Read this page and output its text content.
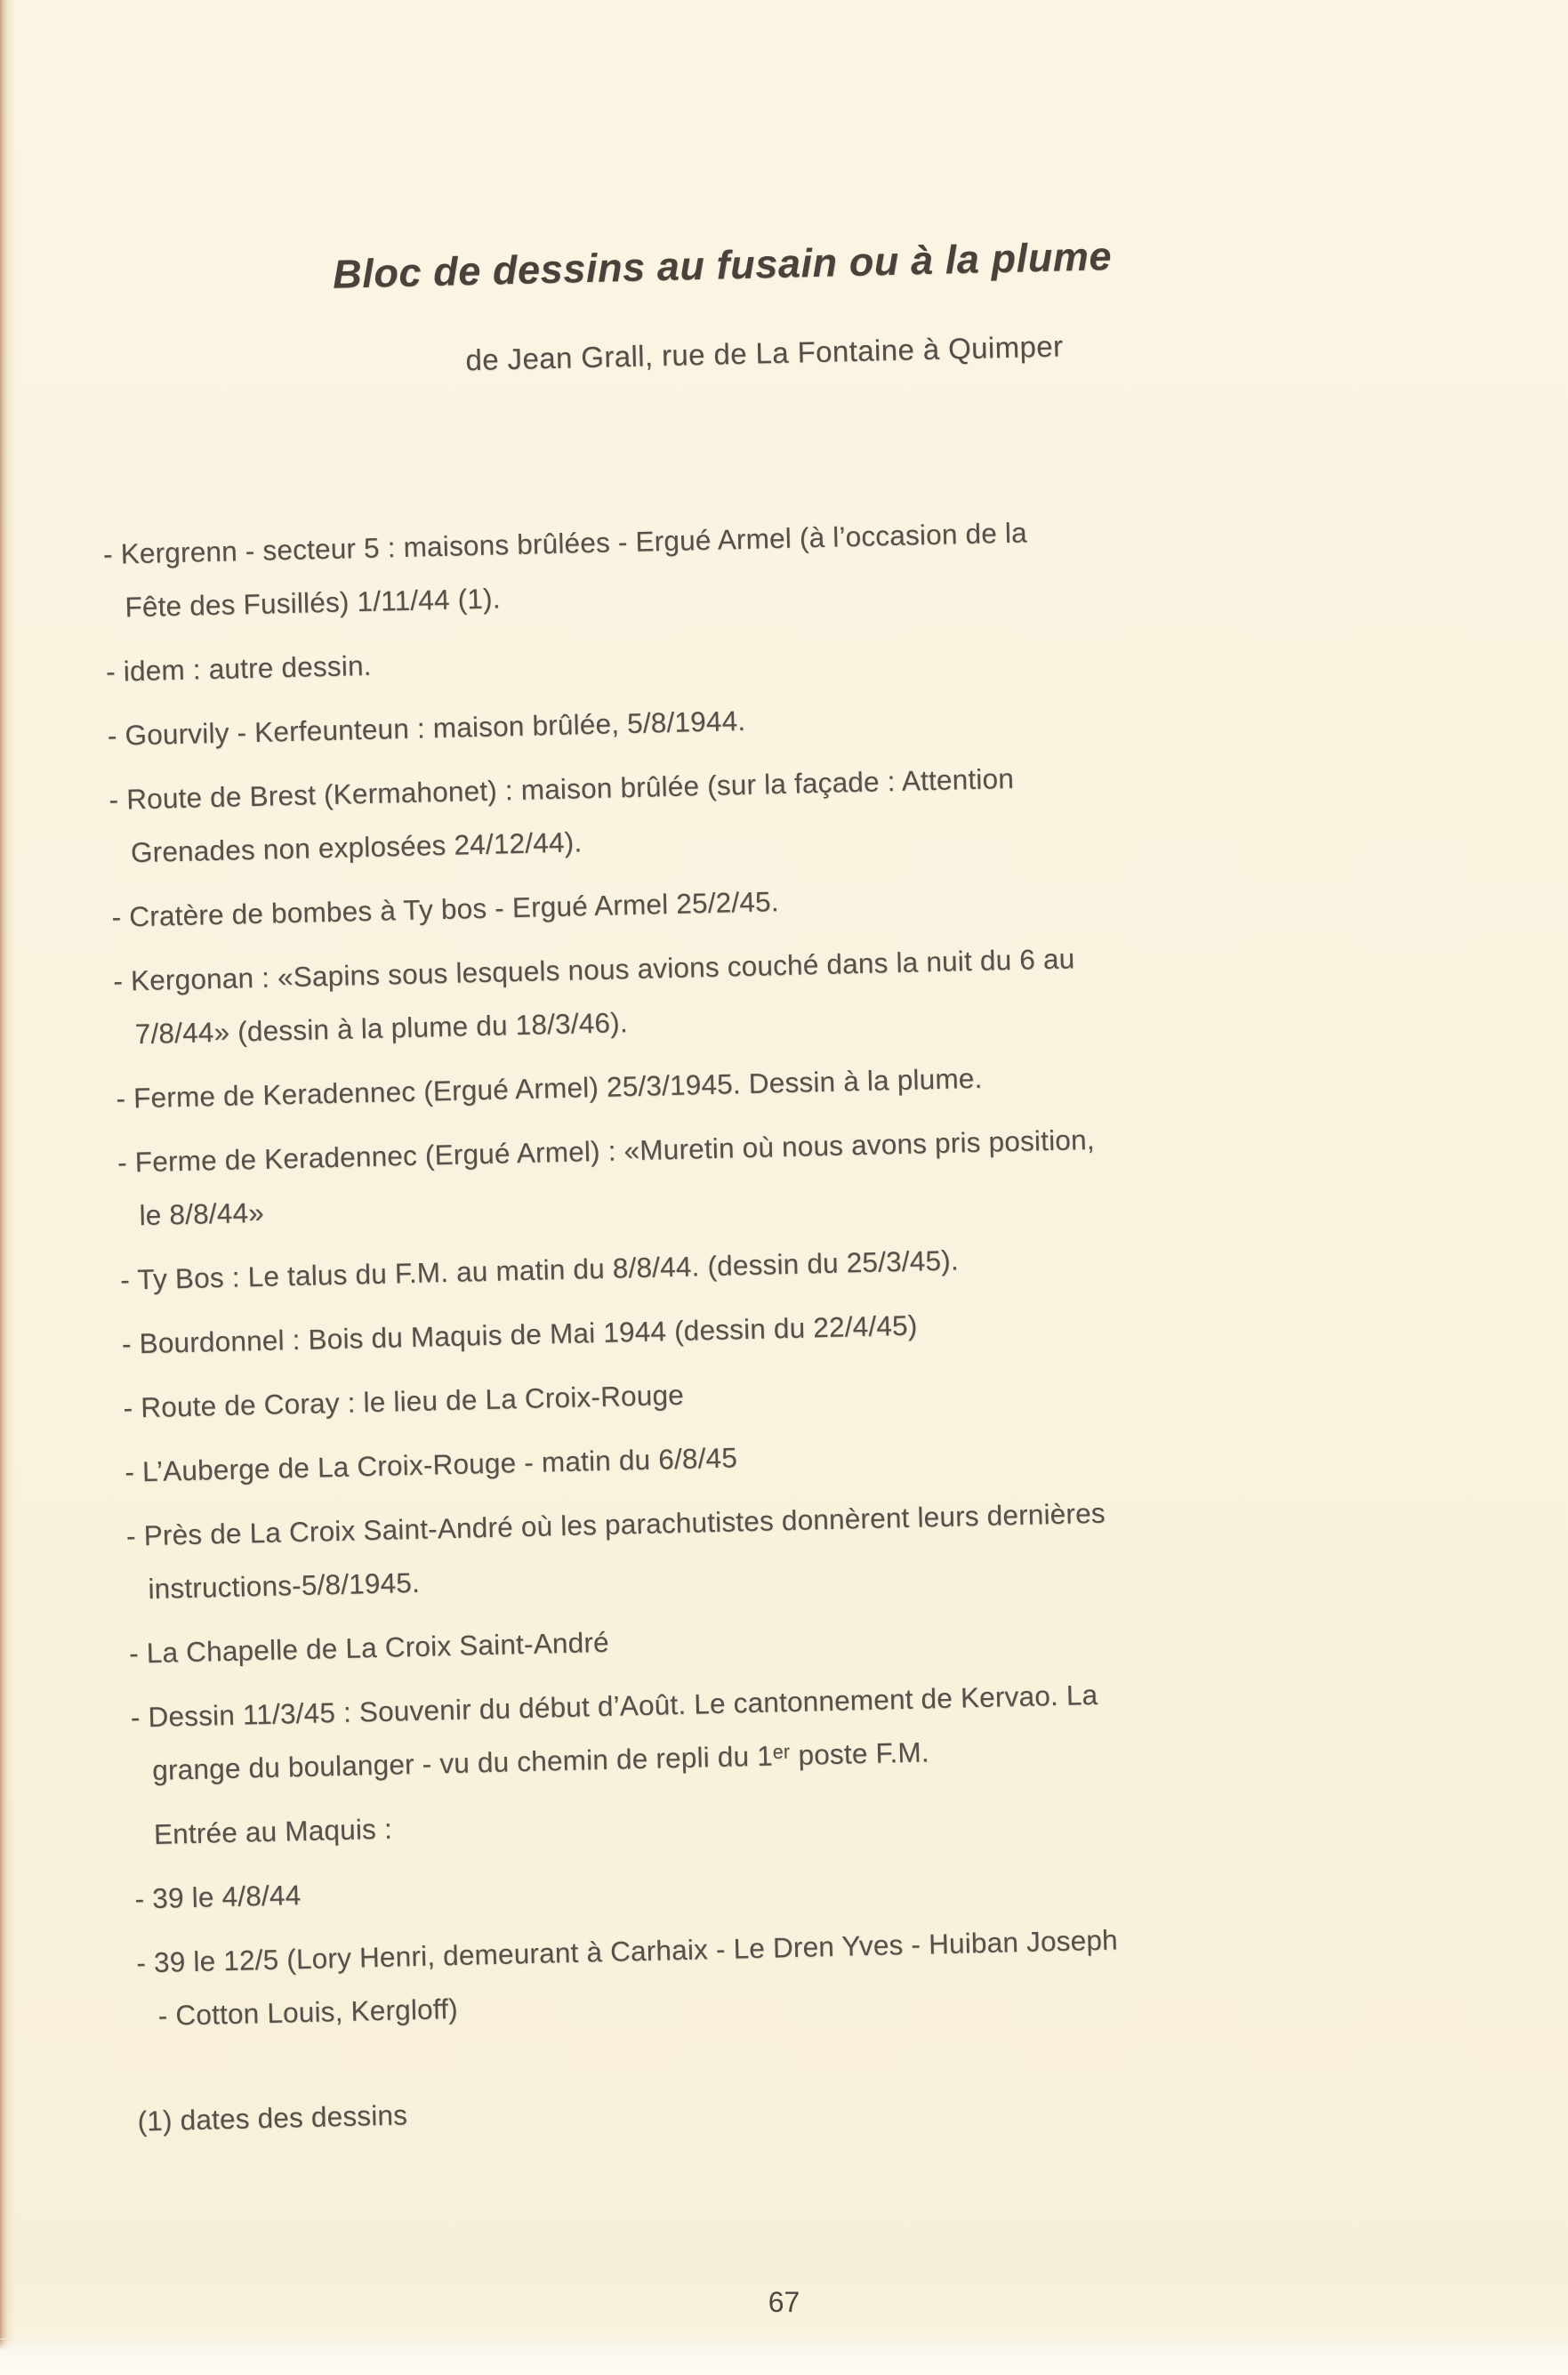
Bloc de dessins au fusain ou à la plume
de Jean Grall, rue de La Fontaine à Quimper
- Kergrenn - secteur 5 : maisons brûlées - Ergué Armel (à l’occasion de la
Fête des Fusillés) 1/11/44 (1).
- idem : autre dessin.
- Gourvily - Kerfeunteun : maison brûlée, 5/8/1944.
- Route de Brest (Kermahonet) : maison brûlée (sur la façade : Attention
Grenades non explosées 24/12/44).
- Cratère de bombes à Ty bos - Ergué Armel 25/2/45.
- Kergonan : «Sapins sous lesquels nous avions couché dans la nuit du 6 au
7/8/44» (dessin à la plume du 18/3/46).
- Ferme de Keradennec (Ergué Armel) 25/3/1945. Dessin à la plume.
- Ferme de Keradennec (Ergué Armel) : «Muretin où nous avons pris position,
le 8/8/44»
- Ty Bos : Le talus du F.M. au matin du 8/8/44. (dessin du 25/3/45).
- Bourdonnel : Bois du Maquis de Mai 1944 (dessin du 22/4/45)
- Route de Coray : le lieu de La Croix-Rouge
- L’Auberge de La Croix-Rouge - matin du 6/8/45
- Près de La Croix Saint-André où les parachutistes donnèrent leurs dernières
instructions-5/8/1945.
- La Chapelle de La Croix Saint-André
- Dessin 11/3/45 : Souvenir du début d’Août. Le cantonnement de Kervao. La
grange du boulanger - vu du chemin de repli du 1ᵉʳ poste F.M.
Entrée au Maquis :
- 39 le 4/8/44
- 39 le 12/5 (Lory Henri, demeurant à Carhaix - Le Dren Yves - Huiban Joseph
- Cotton Louis, Kergloff)
(1) dates des dessins
67
